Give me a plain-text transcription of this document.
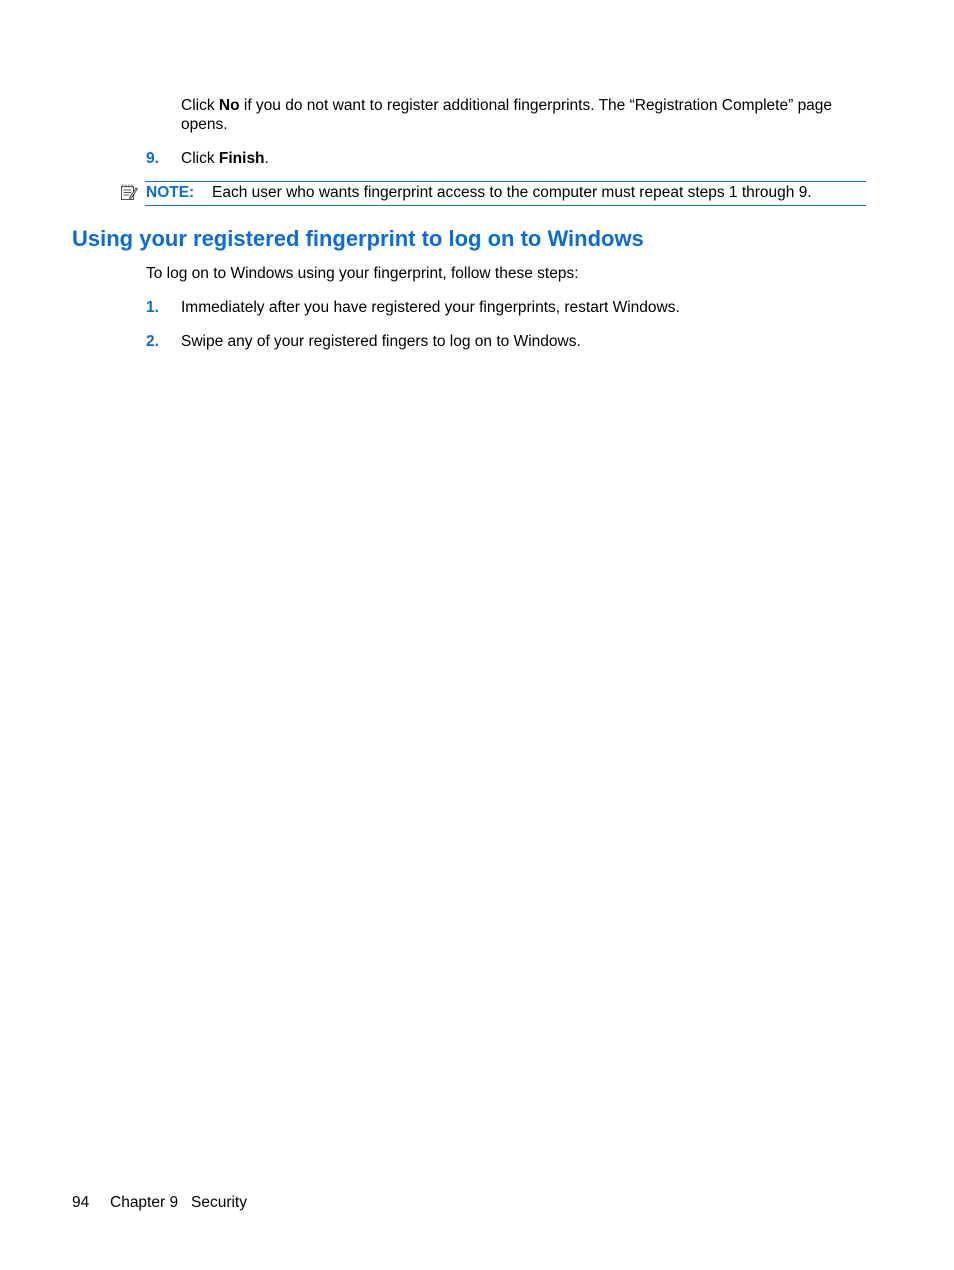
Click No if you do not want to register additional fingerprints. The “Registration Complete” page opens.
9. Click Finish.
NOTE: Each user who wants fingerprint access to the computer must repeat steps 1 through 9.
Using your registered fingerprint to log on to Windows
To log on to Windows using your fingerprint, follow these steps:
1. Immediately after you have registered your fingerprints, restart Windows.
2. Swipe any of your registered fingers to log on to Windows.
94 Chapter 9   Security
